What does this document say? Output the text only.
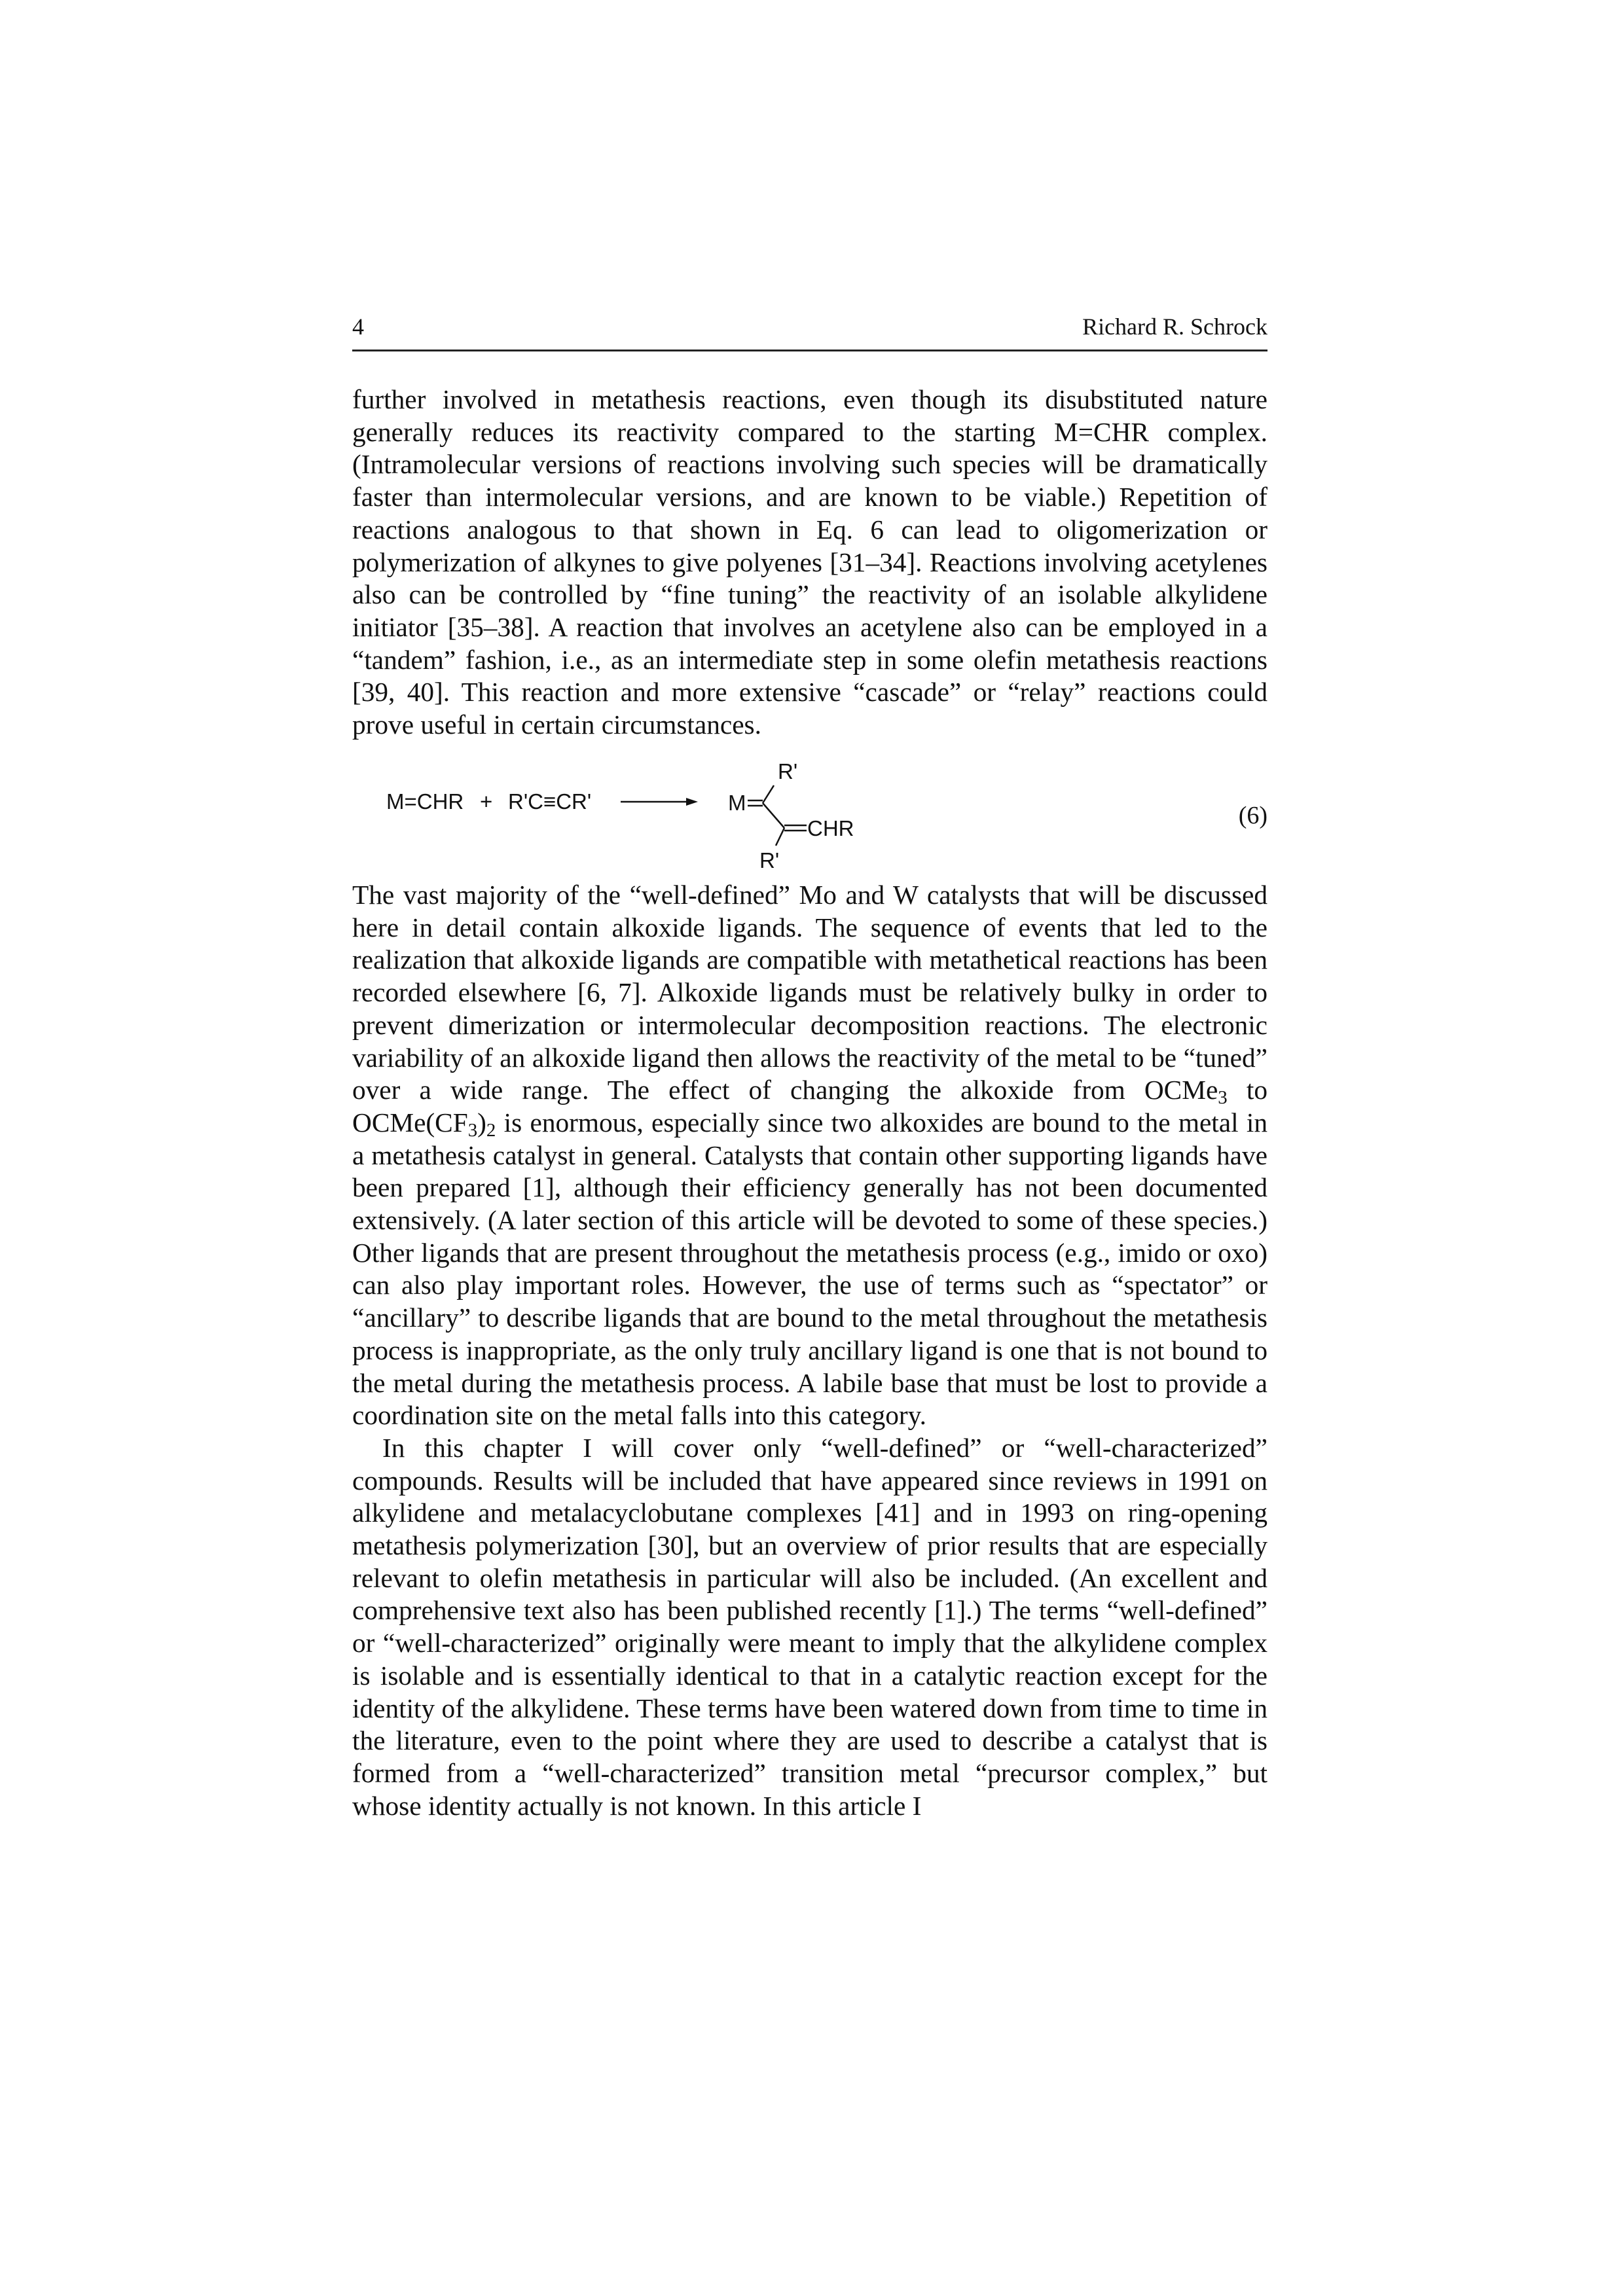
4	Richard R. Schrock

further involved in metathesis reactions, even though its disubstituted nature generally reduces its reactivity compared to the starting M=CHR complex. (Intramolecular versions of reactions involving such species will be dramatically faster than intermolecular versions, and are known to be viable.) Repetition of reactions analogous to that shown in Eq. 6 can lead to oligomerization or polymerization of alkynes to give polyenes [31–34]. Reactions involving acetylenes also can be controlled by “fine tuning” the reactivity of an isolable alkylidene initiator [35–38]. A reaction that involves an acetylene also can be employed in a “tandem” fashion, i.e., as an intermediate step in some olefin metathesis reactions [39, 40]. This reaction and more extensive “cascade” or “relay” reactions could prove useful in certain circumstances.

M=CHR + R'C≡CR'	M
R'
CHR
R'
(6)

The vast majority of the “well-defined” Mo and W catalysts that will be discussed here in detail contain alkoxide ligands. The sequence of events that led to the realization that alkoxide ligands are compatible with metathetical reactions has been recorded elsewhere [6, 7]. Alkoxide ligands must be relatively bulky in order to prevent dimerization or intermolecular decomposition reactions. The electronic variability of an alkoxide ligand then allows the reactivity of the metal to be “tuned” over a wide range. The effect of changing the alkoxide from OCMe$_3$ to $OCMe(CF_3)_2$ is enormous, especially since two alkoxides are bound to the metal in a metathesis catalyst in general. Catalysts that contain other supporting ligands have been prepared [1], although their efficiency generally has not been documented extensively. (A later section of this article will be devoted to some of these species.) Other ligands that are present throughout the metathesis process (e.g., imido or oxo) can also play important roles. However, the use of terms such as “spectator” or “ancillary” to describe ligands that are bound to the metal throughout the metathesis process is inappropriate, as the only truly ancillary ligand is one that is not bound to the metal during the metathesis process. A labile base that must be lost to provide a coordination site on the metal falls into this category.

In this chapter I will cover only “well-defined” or “well-characterized” compounds. Results will be included that have appeared since reviews in 1991 on alkylidene and metalacyclobutane complexes [41] and in 1993 on ring-opening metathesis polymerization [30], but an overview of prior results that are especially relevant to olefin metathesis in particular will also be included. (An excellent and comprehensive text also has been published recently [1].) The terms “well-defined” or “well-characterized” originally were meant to imply that the alkylidene complex is isolable and is essentially identical to that in a catalytic reaction except for the identity of the alkylidene. These terms have been watered down from time to time in the literature, even to the point where they are used to describe a catalyst that is formed from a “well-characterized” transition metal “precursor complex,” but whose identity actually is not known. In this article I
